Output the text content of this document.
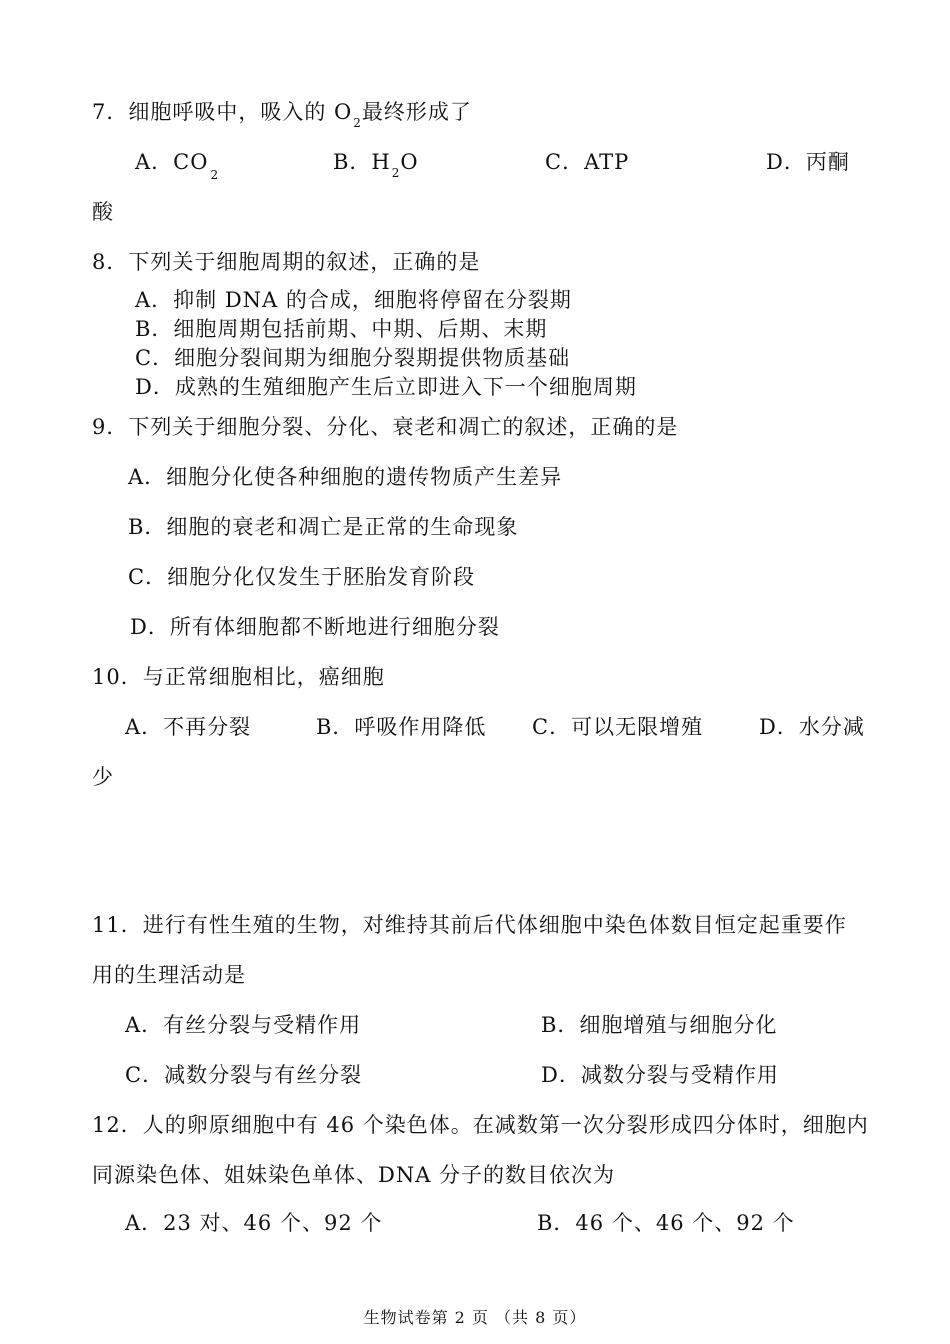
7．细胞呼吸中，吸入的 $O_2$最终形成了
A．$CO_2$
B．$H_2O$	C．ATP	D．丙酮
酸
8．下列关于细胞周期的叙述，正确的是
A．抑制 DNA 的合成，细胞将停留在分裂期
B．细胞周期包括前期、中期、后期、末期
C．细胞分裂间期为细胞分裂期提供物质基础
D．成熟的生殖细胞产生后立即进入下一个细胞周期
9．下列关于细胞分裂、分化、衰老和凋亡的叙述，正确的是
A．细胞分化使各种细胞的遗传物质产生差异
B．细胞的衰老和凋亡是正常的生命现象
C．细胞分化仅发生于胚胎发育阶段
D．所有体细胞都不断地进行细胞分裂
10．与正常细胞相比，癌细胞
A．不再分裂	B．呼吸作用降低 C．可以无限增殖	D．水分减
少
11．进行有性生殖的生物，对维持其前后代体细胞中染色体数目恒定起重要作
用的生理活动是
A．有丝分裂与受精作用	B．细胞增殖与细胞分化
C．减数分裂与有丝分裂	D．减数分裂与受精作用
12．人的卵原细胞中有 46 个染色体。在减数第一次分裂形成四分体时，细胞内
同源染色体、姐妹染色单体、DNA 分子的数目依次为
A．23 对、46 个、92 个	B．46 个、46 个、92 个
生物试卷第 2 页 （共 8 页）
